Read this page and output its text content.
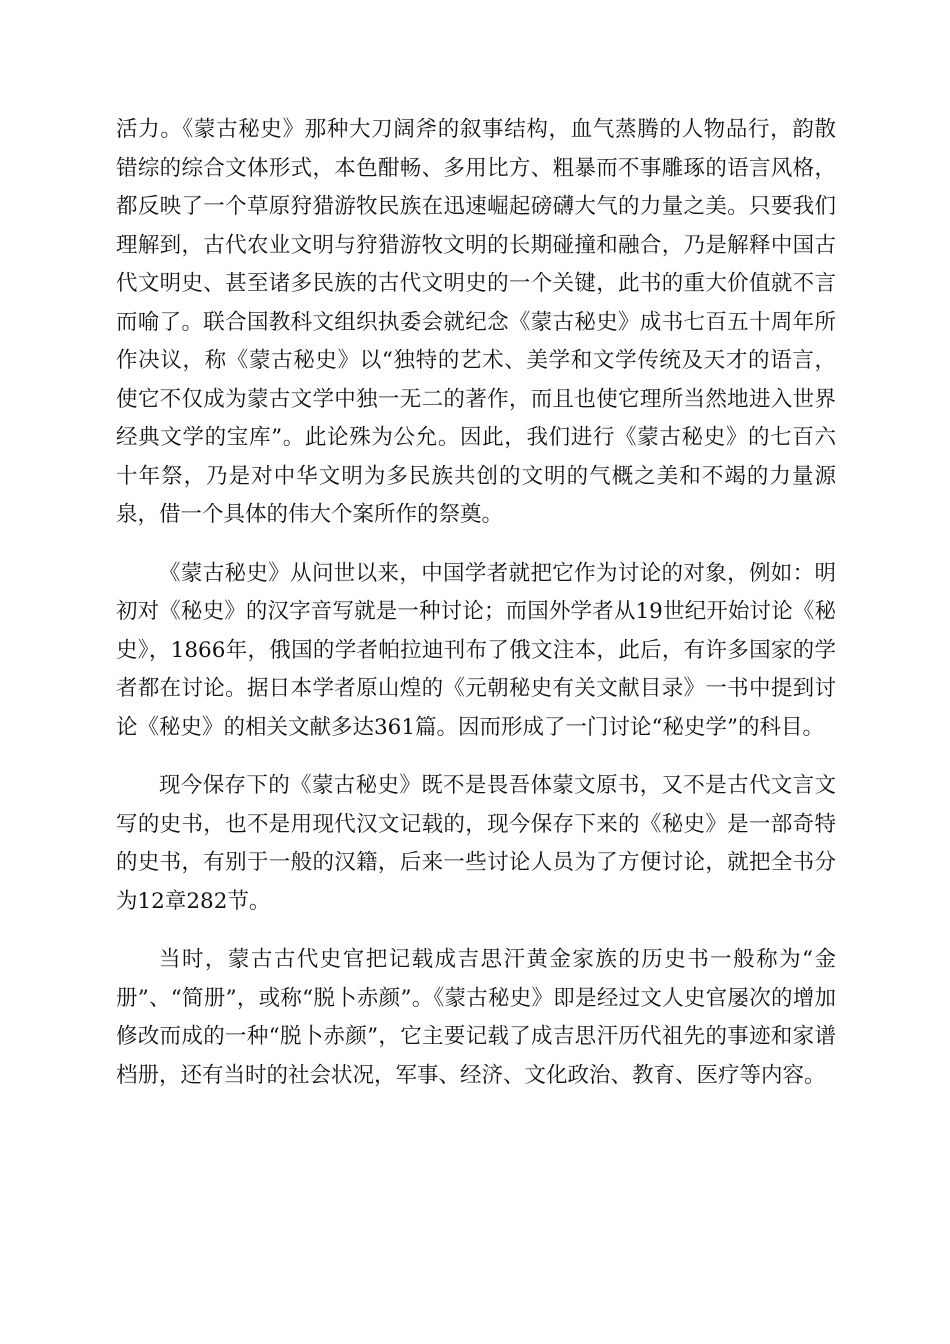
活力。《蒙古秘史》那种大刀阔斧的叙事结构，血气蒸腾的人物品行，韵散错综的综合文体形式，本色酣畅、多用比方、粗暴而不事雕琢的语言风格，都反映了一个草原狩猎游牧民族在迅速崛起磅礴大气的力量之美。只要我们理解到，古代农业文明与狩猎游牧文明的长期碰撞和融合，乃是解释中国古代文明史、甚至诸多民族的古代文明史的一个关键，此书的重大价值就不言而喻了。联合国教科文组织执委会就纪念《蒙古秘史》成书七百五十周年所作决议，称《蒙古秘史》以“独特的艺术、美学和文学传统及天才的语言，使它不仅成为蒙古文学中独一无二的著作，而且也使它理所当然地进入世界经典文学的宝库”。此论殊为公允。因此，我们进行《蒙古秘史》的七百六十年祭，乃是对中华文明为多民族共创的文明的气概之美和不竭的力量源泉，借一个具体的伟大个案所作的祭奠。

《蒙古秘史》从问世以来，中国学者就把它作为讨论的对象，例如：明初对《秘史》的汉字音写就是一种讨论；而国外学者从19世纪开始讨论《秘史》，1866年，俄国的学者帕拉迪刊布了俄文注本，此后，有许多国家的学者都在讨论。据日本学者原山煌的《元朝秘史有关文献目录》一书中提到讨论《秘史》的相关文献多达361篇。因而形成了一门讨论“秘史学”的科目。

现今保存下的《蒙古秘史》既不是畏吾体蒙文原书，又不是古代文言文写的史书，也不是用现代汉文记载的，现今保存下来的《秘史》是一部奇特的史书，有别于一般的汉籍，后来一些讨论人员为了方便讨论，就把全书分为12章282节。

当时，蒙古古代史官把记载成吉思汗黄金家族的历史书一般称为“金册”、“简册”，或称“脱卜赤颜”。《蒙古秘史》即是经过文人史官屡次的增加修改而成的一种“脱卜赤颜”，它主要记载了成吉思汗历代祖先的事迹和家谱档册，还有当时的社会状况，军事、经济、文化政治、教育、医疗等内容。
